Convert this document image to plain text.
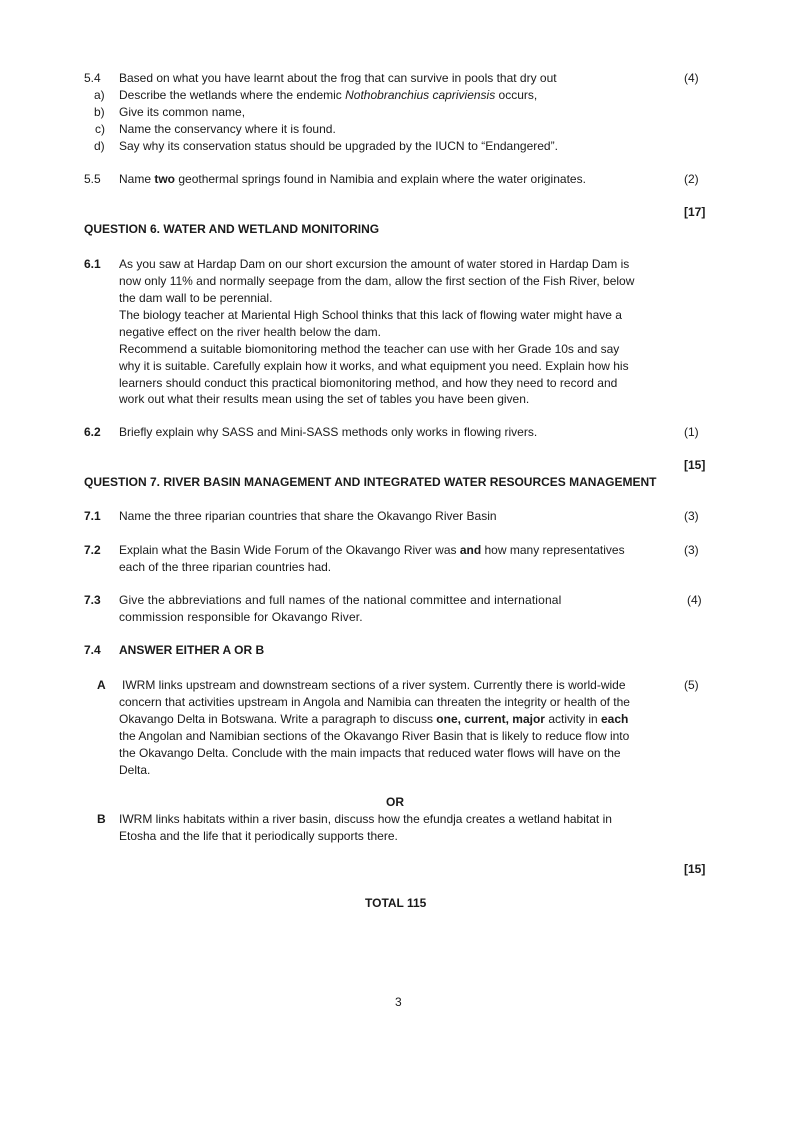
5.4 Based on what you have learnt about the frog that can survive in pools that dry out	(4)
a) Describe the wetlands where the endemic Nothobranchius capriviensis occurs,
b) Give its common name,
c) Name the conservancy where it is found.
d) Say why its conservation status should be upgraded by the IUCN to “Endangered”.
5.5 Name two geothermal springs found in Namibia and explain where the water originates.	(2)
[17]
QUESTION 6. WATER AND WETLAND MONITORING
6.1 As you saw at Hardap Dam on our short excursion the amount of water stored in Hardap Dam is
now only 11% and normally seepage from the dam, allow the first section of the Fish River, below
the dam wall to be perennial.
The biology teacher at Mariental High School thinks that this lack of flowing water might have a
negative effect on the river health below the dam.
Recommend a suitable biomonitoring method the teacher can use with her Grade 10s and say
why it is suitable. Carefully explain how it works, and what equipment you need. Explain how his
learners should conduct this practical biomonitoring method, and how they need to record and
work out what their results mean using the set of tables you have been given.
6.2 Briefly explain why SASS and Mini-SASS methods only works in flowing rivers.	(1)
[15]
QUESTION 7. RIVER BASIN MANAGEMENT AND INTEGRATED WATER RESOURCES MANAGEMENT
7.1 Name the three riparian countries that share the Okavango River Basin	(3)
7.2 Explain what the Basin Wide Forum of the Okavango River was and how many representatives
each of the three riparian countries had.
(3)
7.3 Give the abbreviations and full names of the national committee and international
commission responsible for Okavango River.
(4)
7.4 ANSWER EITHER A OR B
A IWRM links upstream and downstream sections of a river system. Currently there is world-wide	(5)
concern that activities upstream in Angola and Namibia can threaten the integrity or health of the
Okavango Delta in Botswana. Write a paragraph to discuss one, current, major activity in each
the Angolan and Namibian sections of the Okavango River Basin that is likely to reduce flow into
the Okavango Delta. Conclude with the main impacts that reduced water flows will have on the
Delta.
OR
B IWRM links habitats within a river basin, discuss how the efundja creates a wetland habitat in
Etosha and the life that it periodically supports there.
[15]
TOTAL 115
3
